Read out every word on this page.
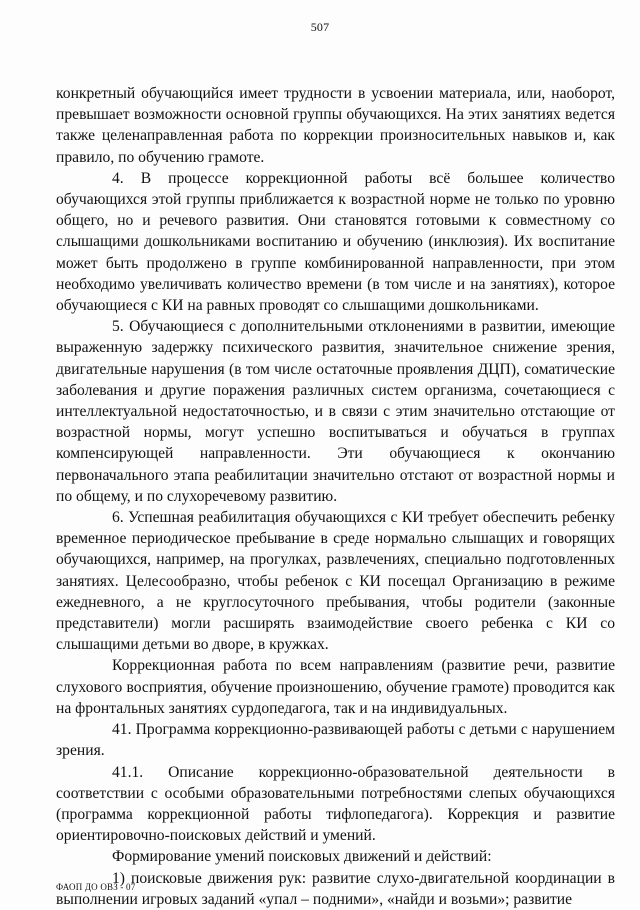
507

конкретный обучающийся имеет трудности в усвоении материала, или, наоборот, превышает возможности основной группы обучающихся. На этих занятиях ведется также целенаправленная работа по коррекции произносительных навыков и, как правило, по обучению грамоте.

4. В процессе коррекционной работы всё большее количество обучающихся этой группы приближается к возрастной норме не только по уровню общего, но и речевого развития. Они становятся готовыми к совместному со слышащими дошкольниками воспитанию и обучению (инклюзия). Их воспитание может быть продолжено в группе комбинированной направленности, при этом необходимо увеличивать количество времени (в том числе и на занятиях), которое обучающиеся с КИ на равных проводят со слышащими дошкольниками.

5. Обучающиеся с дополнительными отклонениями в развитии, имеющие выраженную задержку психического развития, значительное снижение зрения, двигательные нарушения (в том числе остаточные проявления ДЦП), соматические заболевания и другие поражения различных систем организма, сочетающиеся с интеллектуальной недостаточностью, и в связи с этим значительно отстающие от возрастной нормы, могут успешно воспитываться и обучаться в группах компенсирующей направленности. Эти обучающиеся к окончанию первоначального этапа реабилитации значительно отстают от возрастной нормы и по общему, и по слухоречевому развитию.

6. Успешная реабилитация обучающихся с КИ требует обеспечить ребенку временное периодическое пребывание в среде нормально слышащих и говорящих обучающихся, например, на прогулках, развлечениях, специально подготовленных занятиях. Целесообразно, чтобы ребенок с КИ посещал Организацию в режиме ежедневного, а не круглосуточного пребывания, чтобы родители (законные представители) могли расширять взаимодействие своего ребенка с КИ со слышащими детьми во дворе, в кружках.

Коррекционная работа по всем направлениям (развитие речи, развитие слухового восприятия, обучение произношению, обучение грамоте) проводится как на фронтальных занятиях сурдопедагога, так и на индивидуальных.

41. Программа коррекционно-развивающей работы с детьми с нарушением зрения.

41.1. Описание коррекционно-образовательной деятельности в соответствии с особыми образовательными потребностями слепых обучающихся (программа коррекционной работы тифлопедагога). Коррекция и развитие ориентировочно-поисковых действий и умений.

Формирование умений поисковых движений и действий:

1) поисковые движения рук: развитие слухо-двигательной координации в выполнении игровых заданий «упал – подними», «найди и возьми»; развитие

ФАОП ДО ОВЗ - 07
